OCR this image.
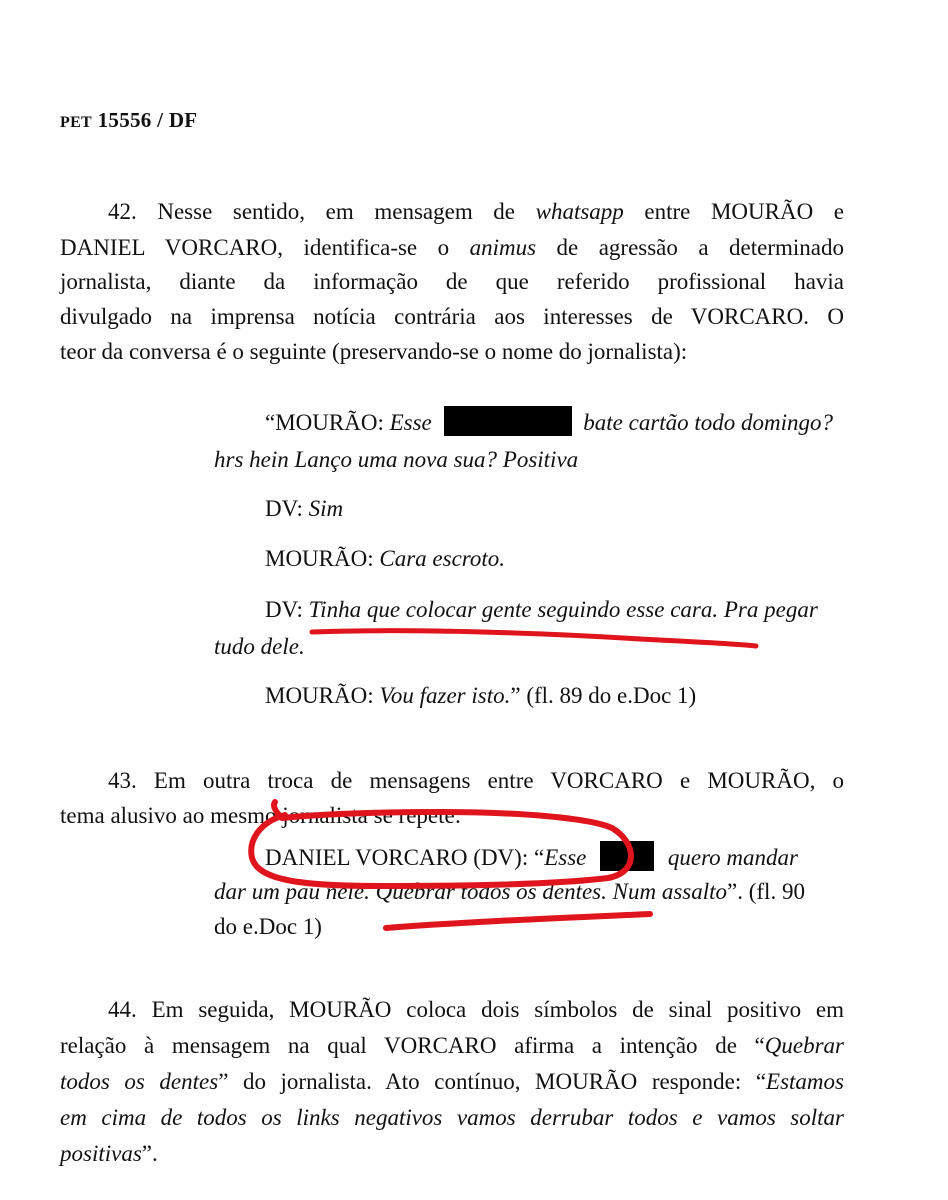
PET 15556 / DF
42. Nesse sentido, em mensagem de whatsapp entre MOURÃO e
DANIEL VORCARO, identifica-se o animus de agressão a determinado
jornalista, diante da informação de que referido profissional havia
divulgado na imprensa notícia contrária aos interesses de VORCARO. O
teor da conversa é o seguinte (preservando-se o nome do jornalista):
“MOURÃO: Esse	bate cartão todo domingo?
hrs hein Lanço uma nova sua? Positiva
DV: Sim
MOURÃO: Cara escroto.
DV: Tinha que colocar gente seguindo esse cara. Pra pegar
tudo dele.
MOURÃO: Vou fazer isto.” (fl. 89 do e.Doc 1)
43. Em outra troca de mensagens entre VORCARO e MOURÃO, o
tema alusivo ao mesmo jornalista se repete:
DANIEL VORCARO (DV): “Esse	quero mandar
dar um pau nele. Quebrar todos os dentes. Num assalto”. (fl. 90
do e.Doc 1)
44. Em seguida, MOURÃO coloca dois símbolos de sinal positivo em
relação à mensagem na qual VORCARO afirma a intenção de “Quebrar
todos os dentes” do jornalista. Ato contínuo, MOURÃO responde: “Estamos
em cima de todos os links negativos vamos derrubar todos e vamos soltar
positivas”.
